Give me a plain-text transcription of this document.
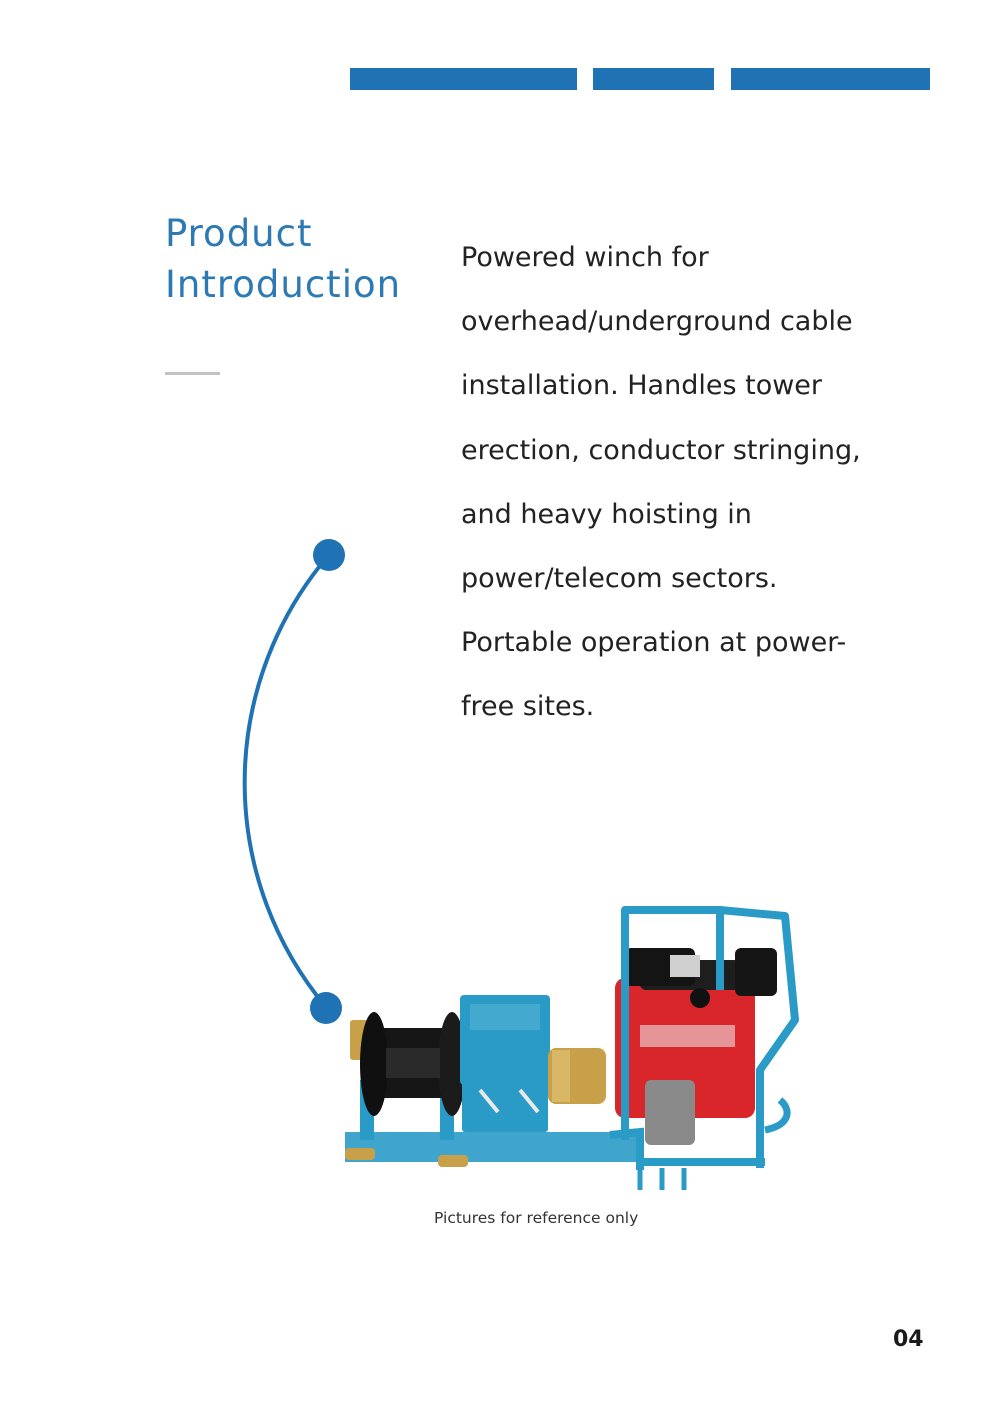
Product
Introduction

Powered winch for
overhead/underground cable
installation. Handles tower
erection, conductor stringing,
and heavy hoisting in
power/telecom sectors.
Portable operation at power-
free sites.

Pictures for reference only

04
